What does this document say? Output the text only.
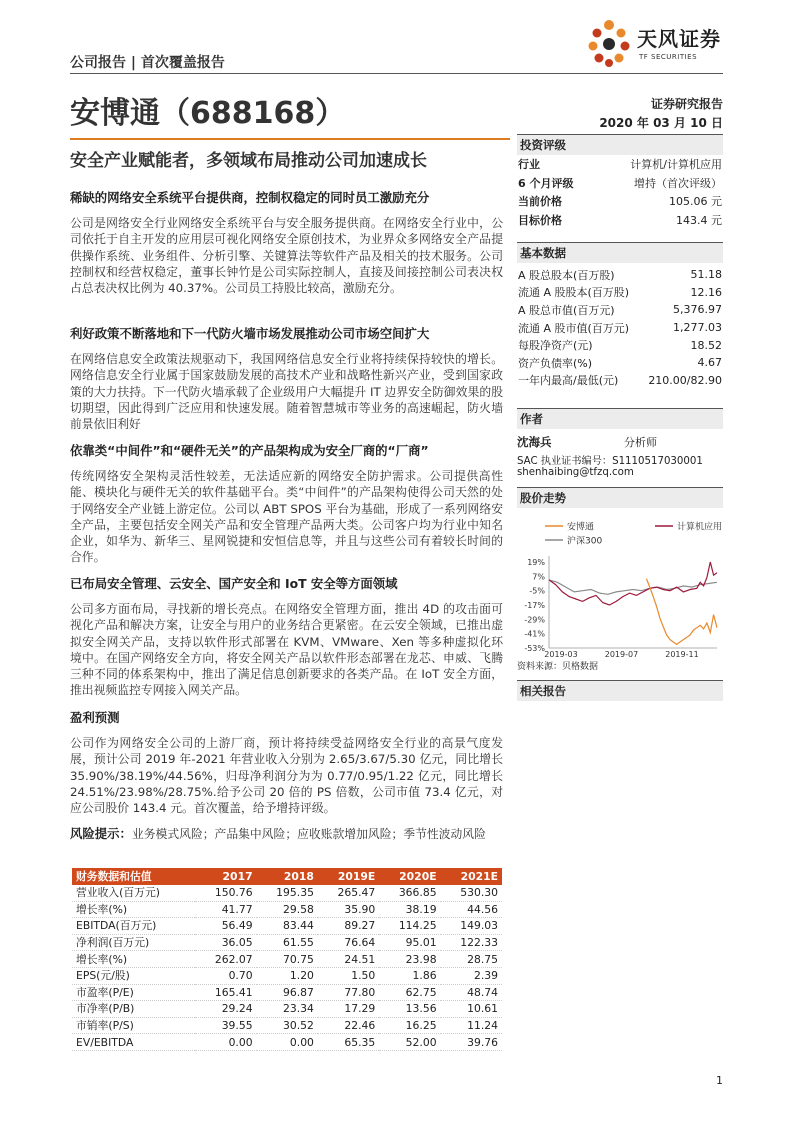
公司报告 | 首次覆盖报告
天风证券
TF SECURITIES
安博通（688168）	证券研究报告
2020 年 03 月 10 日
安全产业赋能者，多领域布局推动公司加速成长
稀缺的网络安全系统平台提供商，控制权稳定的同时员工激励充分
公司是网络安全行业网络安全系统平台与安全服务提供商。在网络安全行业中，公司依托于自主开发的应用层可视化网络安全原创技术，为业界众多网络安全产品提供操作系统、业务组件、分析引擎、关键算法等软件产品及相关的技术服务。公司控制权和经营权稳定，董事长钟竹是公司实际控制人，直接及间接控制公司表决权占总表决权比例为 40.37%。公司员工持股比较高，激励充分。
利好政策不断落地和下一代防火墙市场发展推动公司市场空间扩大
在网络信息安全政策法规驱动下，我国网络信息安全行业将持续保持较快的增长。网络信息安全行业属于国家鼓励发展的高技术产业和战略性新兴产业，受到国家政策的大力扶持。下一代防火墙承载了企业级用户大幅提升 IT 边界安全防御效果的股切期望，因此得到广泛应用和快速发展。随着智慧城市等业务的高速崛起，防火墙前景依旧利好
依靠类“中间件”和“硬件无关”的产品架构成为安全厂商的“厂商”
传统网络安全架构灵活性较差，无法适应新的网络安全防护需求。公司提供高性能、模块化与硬件无关的软件基础平台。类“中间件”的产品架构使得公司天然的处于网络安全产业链上游定位。公司以 ABT SPOS 平台为基础，形成了一系列网络安全产品，主要包括安全网关产品和安全管理产品两大类。公司客户均为行业中知名企业，如华为、新华三、星网锐捷和安恒信息等，并且与这些公司有着较长时间的合作。
已布局安全管理、云安全、国产安全和 IoT 安全等方面领域
公司多方面布局，寻找新的增长亮点。在网络安全管理方面，推出 4D 的攻击面可视化产品和解决方案，让安全与用户的业务结合更紧密。在云安全领域，已推出虚拟安全网关产品，支持以软件形式部署在 KVM、VMware、Xen 等多种虚拟化环境中。在国产网络安全方向，将安全网关产品以软件形态部署在龙芯、申威、飞腾三种不同的体系架构中，推出了满足信息创新要求的各类产品。在 IoT 安全方面，推出视频监控专网接入网关产品。
盈利预测
公司作为网络安全公司的上游厂商，预计将持续受益网络安全行业的高景气度发展，预计公司 2019 年-2021 年营业收入分别为 2.65/3.67/5.30 亿元，同比增长 35.90%/38.19%/44.56%，归母净利润分为为 0.77/0.95/1.22 亿元，同比增长 24.51%/23.98%/28.75%.给予公司 20 倍的 PS 倍数，公司市值 73.4 亿元，对应公司股价 143.4 元。首次覆盖，给予增持评级。
风险提示：业务模式风险；产品集中风险；应收账款增加风险；季节性波动风险
财务数据和估值	2017	2018	2019E	2020E	2021E
营业收入(百万元)	150.76	195.35	265.47	366.85	530.30
增长率(%)	41.77	29.58	35.90	38.19	44.56
EBITDA(百万元)	56.49	83.44	89.27	114.25	149.03
净利润(百万元)	36.05	61.55	76.64	95.01	122.33
增长率(%)	262.07	70.75	24.51	23.98	28.75
EPS(元/股)	0.70	1.20	1.50	1.86	2.39
市盈率(P/E)	165.41	96.87	77.80	62.75	48.74
市净率(P/B)	29.24	23.34	17.29	13.56	10.61
市销率(P/S)	39.55	30.52	22.46	16.25	11.24
EV/EBITDA	0.00	0.00	65.35	52.00	39.76
投资评级
行业	计算机/计算机应用
6 个月评级	增持（首次评级）
当前价格	105.06 元
目标价格	143.4 元
基本数据
A 股总股本(百万股)	51.18
流通 A 股股本(百万股)	12.16
A 股总市值(百万元)	5,376.97
流通 A 股市值(百万元)	1,277.03
每股净资产(元)	18.52
资产负债率(%)	4.67
一年内最高/最低(元)	210.00/82.90
作者
沈海兵	分析师
SAC 执业证书编号：S1110517030001
shenhaibing@tfzq.com
股价走势
安博通	计算机应用
沪深300
19%
7%
-5%
-17%
-29%
-41%
-53%
2019-03	2019-07	2019-11
资料来源：贝格数据
相关报告
1
